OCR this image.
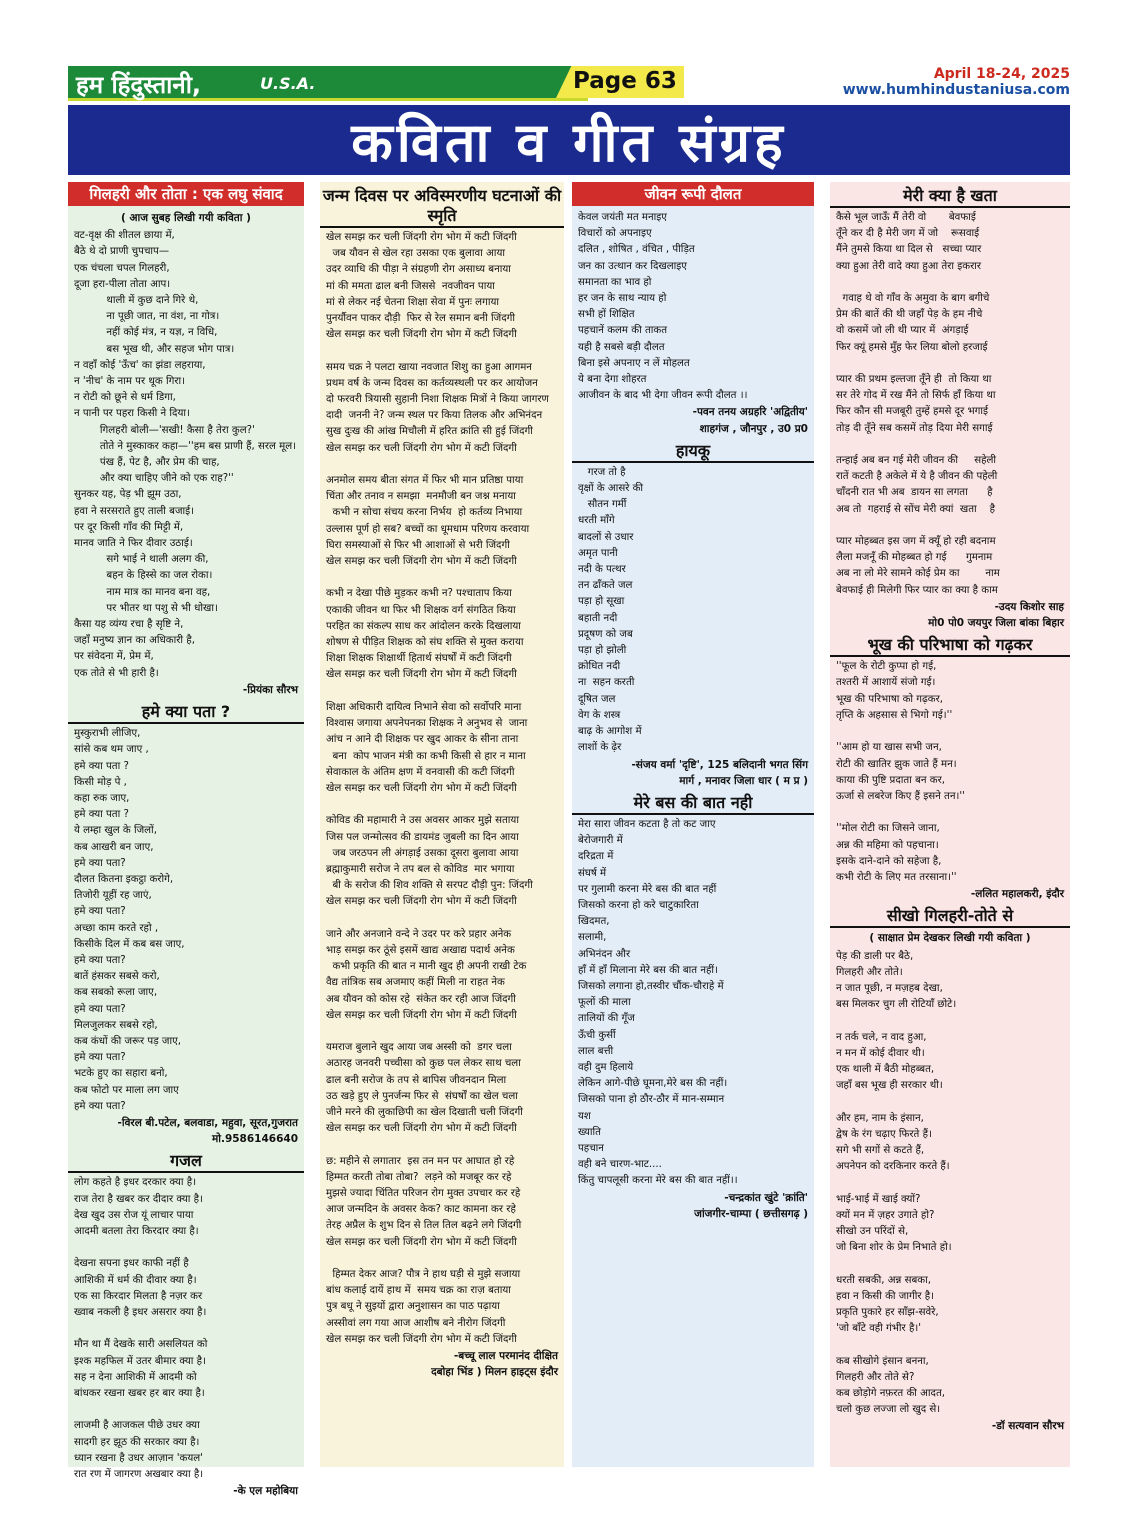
हम हिंदुस्तानी,	U.S.A.	Page 63	April 18-24, 2025
www.humhindustaniusa.com
कविता व गीत संग्रह
गिलहरी और तोता : एक लघु संवाद
( आज सुबह लिखी गयी कविता )
वट-वृक्ष की शीतल छाया में,
बैठे थे दो प्राणी चुपचाप—
एक चंचला चपल गिलहरी,
दूजा हरा-पीला तोता आप।
थाली में कुछ दाने गिरे थे,
ना पूछी जात, ना वंश, ना गोत्र।
नहीं कोई मंत्र, न यज्ञ, न विधि,
बस भूख थी, और सहज भोग पात्र।
न वहाँ कोई 'ऊँच' का झंडा लहराया,
न 'नीच' के नाम पर थूक गिरा।
न रोटी को छूने से धर्म डिगा,
न पानी पर पहरा किसी ने दिया।
गिलहरी बोली—'सखी! कैसा है तेरा कुल?'
तोते ने मुस्काकर कहा—''हम बस प्राणी हैं, सरल मूल।
पंख हैं, पेट है, और प्रेम की चाह,
और क्या चाहिए जीने को एक राह?''
सुनकर यह, पेड़ भी झूम उठा,
हवा ने सरसराते हुए ताली बजाई।
पर दूर किसी गाँव की मिट्टी में,
मानव जाति ने फिर दीवार उठाई।
सगे भाई ने थाली अलग की,
बहन के हिस्से का जल रोका।
नाम मात्र का मानव बना वह,
पर भीतर था पशु से भी धोखा।
कैसा यह व्यंग्य रचा है सृष्टि ने,
जहाँ मनुष्य ज्ञान का अधिकारी है,
पर संवेदना में, प्रेम में,
एक तोते से भी हारी है।
-प्रियंका सौरभ
हमे क्या पता ?
मुस्कुराभी लीजिए,
सांसे कब थम जाए ,
हमे क्या पता ?
किसी मोड़ पे ,
कहा रुक जाए,
हमे क्या पता ?
ये लम्हा खुल के जिलों,
कब आखरी बन जाए,
हमे क्या पता?
दौलत कितना इकट्ठा करोगे,
तिजोरी यूहीं रह जाएं,
हमे क्या पता?
अच्छा काम करते रहो ,
किसीके दिल में कब बस जाए,
हमे क्या पता?
बातें हंसकर सबसे करो,
कब सबको रूला जाए,
हमे क्या पता?
मिलजुलकर सबसे रहो,
कब कंधों की जरूर पड़ जाए,
हमे क्या पता?
भटके हुए का सहारा बनो,
कब फोटो पर माला लग जाए
हमे क्या पता?
-विरल बी.पटेल, बलवाडा, महुवा, सूरत,गुजरात
मो.9586146640
गजल
लोग कहते है इधर दरकार क्या है।
राज तेरा है खबर कर दीदार क्या है।
देख खुद उस रोज यूं लाचार पाया
आदमी बतला तेरा किरदार क्या है।

देखना सपना इधर काफी नहीं है
आशिकी में धर्म की दीवार क्या है।
एक सा किरदार मिलता है नज़र कर
ख्वाब नकली है इधर असरार क्या है।

मौन था मैं देखके सारी असलियत को
इश्क महफिल में उतर बीमार क्या है।
सह न देना आशिकी में आदमी को
बांधकर रखना खबर हर बार क्या है।

लाजमी है आजकल पीछे उधर क्या
सादगी हर झूठ की सरकार क्या है।
ध्यान रखना है उधर आज़ान 'कयल'
रात रण में जागरण अखबार क्या है।
-के एल महोबिया
जन्म दिवस पर अविस्मरणीय घटनाओं की स्मृति
खेल समझ कर चली जिंदगी रोग भोग में कटी जिंदगी
जब यौवन से खेल रहा उसका एक बुलावा आया
उदर व्याधि की पीड़ा ने संग्रहणी रोग असाध्य बनाया
मां की ममता ढाल बनी जिससे  नवजीवन पाया
मां से लेकर नई चेतना शिक्षा सेवा में पुनः लगाया
पुनर्यौवन पाकर दौड़ी  फिर से रेल समान बनी जिंदगी
खेल समझ कर चली जिंदगी रोग भोग में कटी जिंदगी

समय चक्र ने पलटा खाया नवजात शिशु का हुआ आगमन
प्रथम वर्ष के जन्म दिवस का कर्तव्यस्थली पर कर आयोजन
दो फरवरी त्रियासी सुहानी निशा शिक्षक मित्रों ने किया जागरण
दादी  जननी ने? जन्म स्थल पर किया तिलक और अभिनंदन
सुख दुःख की आंख मिचौली में हरित क्रांति सी हुई जिंदगी
खेल समझ कर चली जिंदगी रोग भोग में कटी जिंदगी

अनमोल समय बीता संगत में फिर भी मान प्रतिष्ठा पाया
चिंता और तनाव न समझा  मनमौजी बन जश्न मनाया
कभी न सोचा संचय करना निर्भय  हो कर्तव्य निभाया
उल्लास पूर्ण हो सब? बच्चों का धूमधाम परिणय करवाया
घिरा समस्याओं से फिर भी आशाओं से भरी जिंदगी
खेल समझ कर चली जिंदगी रोग भोग में कटी जिंदगी

कभी न देखा पीछे मुड़कर कभी न? पश्चाताप किया
एकाकी जीवन था फिर भी शिक्षक वर्ग संगठित किया
परहित का संकल्प साध कर आंदोलन करके दिखलाया
शोषण से पीड़ित शिक्षक को संघ शक्ति से मुक्त कराया
शिक्षा शिक्षक शिक्षार्थी हितार्थ संघर्षों में कटी जिंदगी
खेल समझ कर चली जिंदगी रोग भोग में कटी जिंदगी

शिक्षा अधिकारी दायित्व निभाने सेवा को सर्वोपरि माना
विश्वास जगाया अपनेपनका शिक्षक ने अनुभव से  जाना
आंच न आने दी शिक्षक पर खुद आकर के सीना ताना
बना  कोप भाजन मंत्री का कभी किसी से हार न माना
सेवाकाल के अंतिम क्षण में वनवासी की कटी जिंदगी
खेल समझ कर चली जिंदगी रोग भोग में कटी जिंदगी

कोविड की महामारी ने उस अवसर आकर मुझे सताया
जिस पल जन्मोत्सव की डायमंड जुबली का दिन आया
जब जरठपन ली अंगड़ाई उसका दूसरा बुलावा आया
ब्रह्माकुमारी सरोज ने तप बल से कोविड  मार भगाया
बी के सरोज की शिव शक्ति से सरपट दौड़ी पुन: जिंदगी
खेल समझ कर चली जिंदगी रोग भोग में कटी जिंदगी

जाने और अनजाने वन्दे ने उदर पर करे प्रहार अनेक
भाड़ समझ कर ठूंसे इसमें खाद्य अखाद्य पदार्थ अनेक
कभी प्रकृति की बात न मानी खुद ही अपनी राखी टेक
वैद्य तांत्रिक सब अजमाए कहीं मिली ना राहत नेक
अब यौवन को कोस रहे  संकेत कर रही आज जिंदगी
खेल समझ कर चली जिंदगी रोग भोग में कटी जिंदगी

यमराज बुलाने खुद आया जब अस्सी को  डगर चला
अठारह जनवरी पच्चीसा को कुछ पल लेकर साथ चला
ढाल बनी सरोज के तप से बापिस जीवनदान मिला
उठ खड़े हुए ले पुनर्जन्म फिर से  संघर्षों का खेल चला
जीने मरने की लुकाछिपी का खेल दिखाती चली जिंदगी
खेल समझ कर चली जिंदगी रोग भोग में कटी जिंदगी

छ: महीने से लगातार  इस तन मन पर आघात हो रहे
हिम्मत करती तोबा तोबा?  लड़ने को मजबूर कर रहे
मुझसे ज्यादा चिंतित परिजन रोग मुक्त उपचार कर रहे
आज जन्मदिन के अवसर केक? काट कामना कर रहे
तेरह अप्रैल के शुभ दिन से तिल तिल बढ़ने लगे जिंदगी
खेल समझ कर चली जिंदगी रोग भोग में कटी जिंदगी

हिम्मत देकर आज? पौत्र ने हाथ घड़ी से मुझे सजाया
बांध कलाई दायें हाथ में  समय चक्र का राज़ बताया
पुत्र बधू ने सुइयों द्वारा अनुशासन का पाठ पढ़ाया
अस्सीवां लग गया आज आशीष बने नीरोग जिंदगी
खेल समझ कर चली जिंदगी रोग भोग में कटी जिंदगी
-बच्चू लाल परमानंद दीक्षित
दबोहा भिंड ) मिलन हाइट्स इंदौर
जीवन रूपी दौलत
केवल जयंती मत मनाइए
विचारों को अपनाइए
दलित , शोषित , वंचित , पीड़ित
जन का उत्थान कर दिखलाइए
समानता का भाव हो
हर जन के साथ न्याय हो
सभी हों शिक्षित
पहचानें कलम की ताकत
यही है सबसे बड़ी दौलत
बिना इसे अपनाए न लें मोहलत
ये बना देगा शोहरत
आजीवन के बाद भी देगा जीवन रूपी दौलत ।।
-पवन तनय अग्रहरि 'अद्वितीय'
शाहगंज , जौनपुर , उ0 प्र0
हायकू
गरज तो है
वृक्षों के आसरे की
सौतन गर्मी
धरती माँगे
बादलों से उधार
अमृत पानी
नदी के पत्थर
तन ढाँकते जल
पड़ा हो सूखा
बहाती नदी
प्रदूषण को जब
पड़ा हो झोली
क्रोधित नदी
ना  सहन करती
दूषित जल
वेग के शस्त्र
बाढ़ के आगोश में
लाशों के ढ़ेर
-संजय वर्मा 'दृष्टि', 125 बलिदानी भगत सिंग
मार्ग , मनावर जिला धार ( म प्र )
मेरे बस की बात नही
मेरा सारा जीवन कटता है तो कट जाए
बेरोजगारी में
दरिद्रता में
संघर्ष में
पर गुलामी करना मेरे बस की बात नहीं
जिसको करना हो करे चाटुकारिता
खिदमत,
सलामी,
अभिनंदन और
हाँ में हाँ मिलाना मेरे बस की बात नहीं।
जिसको लगाना हो,तस्वीर चौंक-चौराहे में
फूलों की माला
तालियों की गूँज
ऊँची कुर्सी
लाल बत्ती
वही दुम हिलाये
लेकिन आगे-पीछे घूमना,मेरे बस की नहीं।
जिसको पाना हो ठौर-ठौर में मान-सम्मान
यश
ख्याति
पहचान
वही बने चारण-भाट....
किंतु चापलूसी करना मेरे बस की बात नहीं।।
-चन्द्रकांत खुंटे 'क्रांति'
जांजगीर-चाम्पा ( छत्तीसगढ़ )
मेरी क्या है खता
कैसे भूल जाऊँ मैं तेरी वो       बेवफाई
तूँने कर दी है मेरी जग में जो    रूसवाई
मैंने तुमसे किया था दिल से   सच्चा प्यार
क्या हुआ तेरी वादे क्या हुआ तेरा इकरार

गवाह थे वो गाँव के अमुवा के बाग बगीचे
प्रेम की बातें की थी जहाँ पेड़ के हम नीचे
वो कसमें जो ली थी प्यार में  अंगड़ाई
फिर क्यूं हमसे मुँह फेर लिया बोलो हरजाई

प्यार की प्रथम इल्तजा तूँने ही  तो किया था
सर तेरे गोद में रख मैंने तो सिर्फ हाँ किया था
फिर कौन सी मजबूरी तुम्हें हमसे दूर भगाई
तोड़ दी तूँने सब कसमें तोड़ दिया मेरी सगाई

तन्हाई अब बन गई मेरी जीवन की     सहेली
रातें कटती है अकेले में ये है जीवन की पहेली
चाँदनी रात भी अब  डायन सा लगता      है
अब तो  गहराई से सोंच मेरी क्यां  खता    है

प्यार मोहब्बत इस जग में क्यूँ हो रही बदनाम
लैला मजनूँ की मोहब्बत हो गई      गुमनाम
अब ना लो मेरे सामने कोई प्रेम का        नाम
बेवफाई ही मिलेगी फिर प्यार का क्या है काम
-उदय किशोर साह
मो0 पो0 जयपुर जिला बांका बिहार
भूख की परिभाषा को गढ़कर
''फूल के रोटी कुप्पा हो गई,
तश्तरी में आशायें संजो गई।
भूख की परिभाषा को गढ़कर,
तृप्ति के अहसास से भिगो गई।''

''आम हो या खास सभी जन,
रोटी की खातिर झुक जाते हैं मन।
काया की पुष्टि प्रदाता बन कर,
ऊर्जा से लबरेज किए हैं इसने तन।''

''मोल रोटी का जिसने जाना,
अन्न की महिमा को पहचाना।
इसके दाने-दाने को सहेजा है,
कभी रोटी के लिए मत तरसाना।''
-ललित महालकरी, इंदौर
सीखो गिलहरी-तोते से
( साक्षात प्रेम देखकर लिखी गयी कविता )
पेड़ की डाली पर बैठे,
गिलहरी और तोते।
न जात पूछी, न मज़हब देखा,
बस मिलकर चुग ली रोटियाँ छोटे।

न तर्क चले, न वाद हुआ,
न मन में कोई दीवार थी।
एक थाली में बैठी मोहब्बत,
जहाँ बस भूख ही सरकार थी।

और हम, नाम के इंसान,
द्वेष के रंग चढ़ाए फिरते हैं।
सगे भी सगों से कटते हैं,
अपनेपन को दरकिनार करते हैं।

भाई-भाई में खाई क्यों?
क्यों मन में ज़हर उगाते हो?
सीखो उन परिंदों से,
जो बिना शोर के प्रेम निभाते हो।

धरती सबकी, अन्न सबका,
हवा न किसी की जागीर है।
प्रकृति पुकारे हर साँझ-सवेरे,
'जो बाँटे वही गंभीर है।'

कब सीखोगे इंसान बनना,
गिलहरी और तोते से?
कब छोड़ोगे नफ़रत की आदत,
चलो कुछ लज्जा लो खुद से।
-डॉ सत्यवान सौरभ
